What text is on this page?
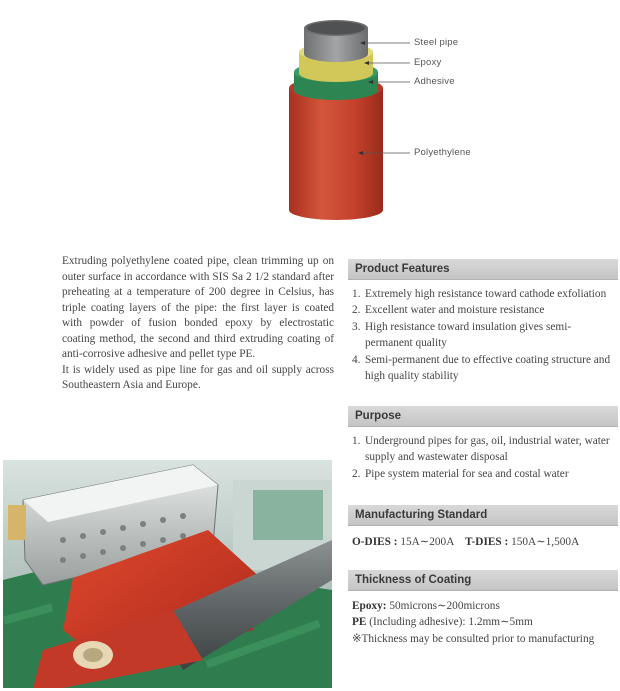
Steel pipe
Epoxy
Adhesive
Polyethylene

Extruding polyethylene coated pipe, clean trimming up on outer surface in accordance with SIS Sa 2 1/2 standard after preheating at a temperature of 200 degree in Celsius, has triple coating layers of the pipe: the first layer is coated with powder of fusion bonded epoxy by electrostatic coating method, the second and third extruding coating of anti-corrosive adhesive and pellet type PE.

It is widely used as pipe line for gas and oil supply across Southeastern Asia and Europe.

Product Features
1. Extremely high resistance toward cathode exfoliation
2. Excellent water and moisture resistance
3. High resistance toward insulation gives semi-permanent quality
4. Semi-permanent due to effective coating structure and high quality stability
Purpose
1. Underground pipes for gas, oil, industrial water, water supply and wastewater disposal
2. Pipe system material for sea and costal water
Manufacturing Standard
O-DIES : 15A∼200A T-DIES : 150A∼1,500A
Thickness of Coating
Epoxy: 50microns∼200microns
PE (Including adhesive): 1.2mm∼5mm
※Thickness may be consulted prior to manufacturing
